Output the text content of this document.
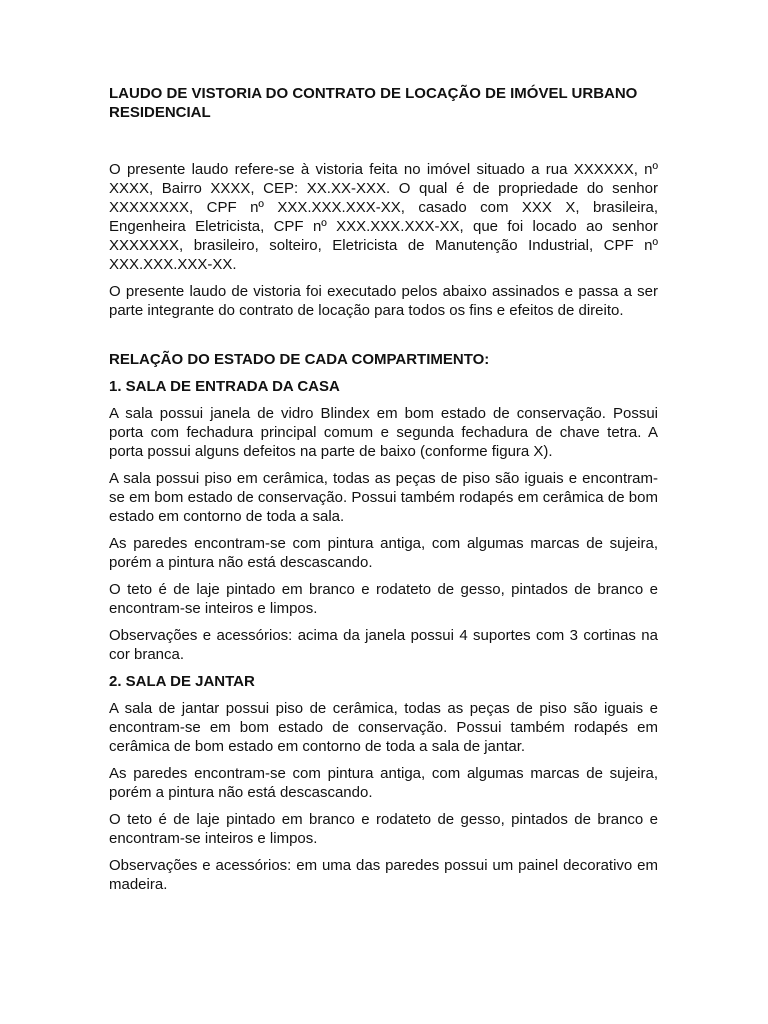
LAUDO DE VISTORIA DO CONTRATO DE LOCAÇÃO DE IMÓVEL URBANO RESIDENCIAL

O presente laudo refere-se à vistoria feita no imóvel situado a rua XXXXXX, nº XXXX, Bairro XXXX, CEP: XX.XX-XXX. O qual é de propriedade do senhor XXXXXXXX, CPF nº XXX.XXX.XXX-XX, casado com XXX X, brasileira, Engenheira Eletricista, CPF nº XXX.XXX.XXX-XX, que foi locado ao senhor XXXXXXX, brasileiro, solteiro, Eletricista de Manutenção Industrial, CPF nº XXX.XXX.XXX-XX.

O presente laudo de vistoria foi executado pelos abaixo assinados e passa a ser parte integrante do contrato de locação para todos os fins e efeitos de direito.

RELAÇÃO DO ESTADO DE CADA COMPARTIMENTO:
1. SALA DE ENTRADA DA CASA

A sala possui janela de vidro Blindex em bom estado de conservação. Possui porta com fechadura principal comum e segunda fechadura de chave tetra. A porta possui alguns defeitos na parte de baixo (conforme figura X).

A sala possui piso em cerâmica, todas as peças de piso são iguais e encontram-se em bom estado de conservação. Possui também rodapés em cerâmica de bom estado em contorno de toda a sala.

As paredes encontram-se com pintura antiga, com algumas marcas de sujeira, porém a pintura não está descascando.

O teto é de laje pintado em branco e rodateto de gesso, pintados de branco e encontram-se inteiros e limpos.

Observações e acessórios: acima da janela possui 4 suportes com 3 cortinas na cor branca.

2. SALA DE JANTAR

A sala de jantar possui piso de cerâmica, todas as peças de piso são iguais e encontram-se em bom estado de conservação. Possui também rodapés em cerâmica de bom estado em contorno de toda a sala de jantar.

As paredes encontram-se com pintura antiga, com algumas marcas de sujeira, porém a pintura não está descascando.

O teto é de laje pintado em branco e rodateto de gesso, pintados de branco e encontram-se inteiros e limpos.

Observações e acessórios: em uma das paredes possui um painel decorativo em madeira.
